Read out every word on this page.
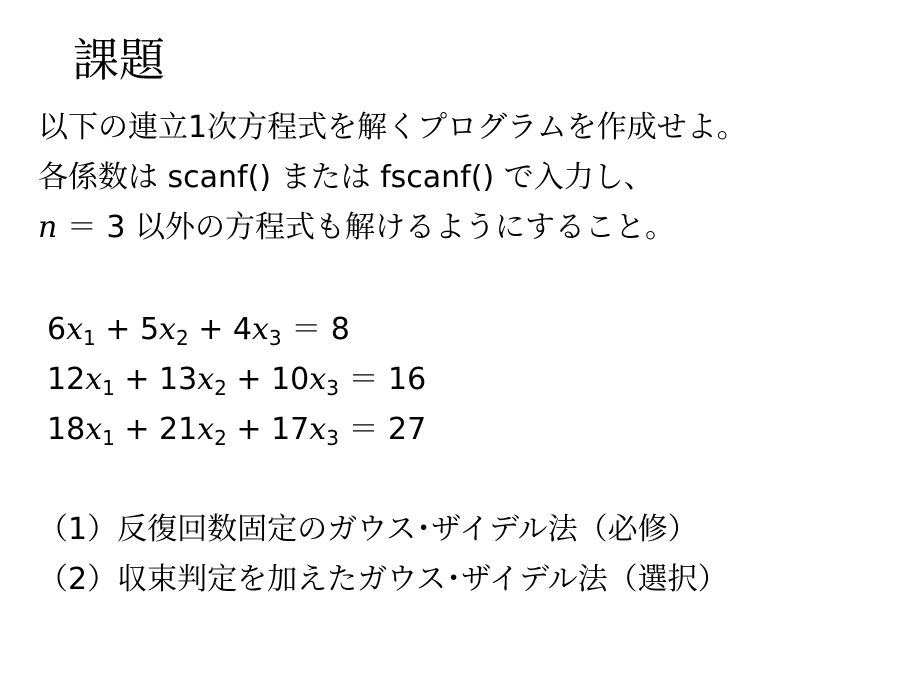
課題
以下の連立1次方程式を解くプログラムを作成せよ。
各係数は scanf() または fscanf() で入力し、
n ＝ 3 以外の方程式も解けるようにすること。
$6x_1 + 5x_2 + 4x_3 = 8$
$12x_1 + 13x_2 + 10x_3 = 16$
$18x_1 + 21x_2 + 17x_3 = 27$
（1）反復回数固定のガウス･ザイデル法（必修）
（2）収束判定を加えたガウス･ザイデル法（選択）
